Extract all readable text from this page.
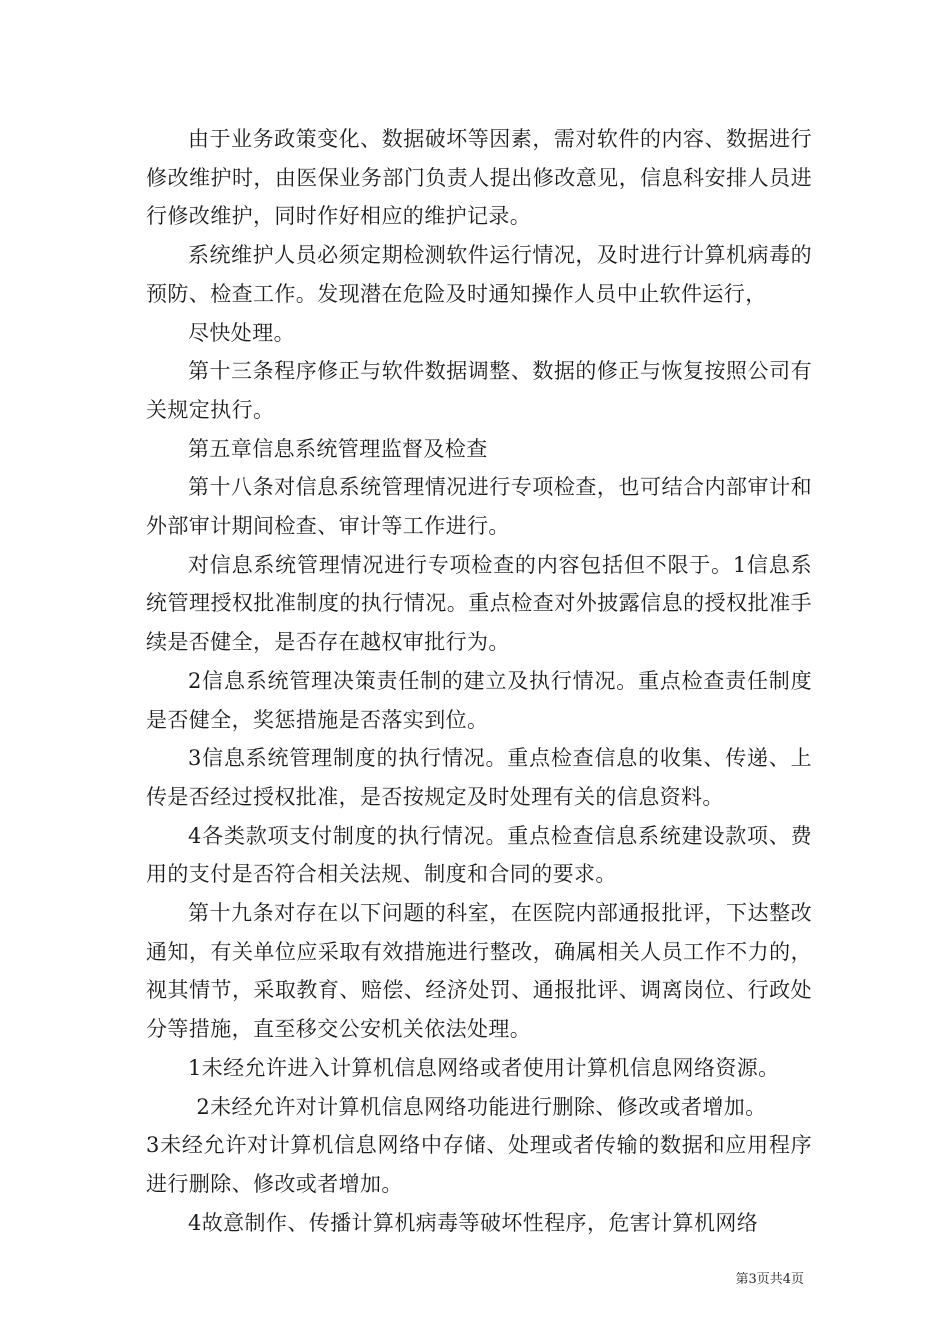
由于业务政策变化、数据破坏等因素，需对软件的内容、数据进行修改维护时，由医保业务部门负责人提出修改意见，信息科安排人员进行修改维护，同时作好相应的维护记录。

系统维护人员必须定期检测软件运行情况，及时进行计算机病毒的预防、检查工作。发现潜在危险及时通知操作人员中止软件运行，

尽快处理。

第十三条程序修正与软件数据调整、数据的修正与恢复按照公司有关规定执行。

第五章信息系统管理监督及检查

第十八条对信息系统管理情况进行专项检查，也可结合内部审计和外部审计期间检查、审计等工作进行。

对信息系统管理情况进行专项检查的内容包括但不限于。1信息系统管理授权批准制度的执行情况。重点检查对外披露信息的授权批准手续是否健全，是否存在越权审批行为。

2信息系统管理决策责任制的建立及执行情况。重点检查责任制度是否健全，奖惩措施是否落实到位。

3信息系统管理制度的执行情况。重点检查信息的收集、传递、上传是否经过授权批准，是否按规定及时处理有关的信息资料。

4各类款项支付制度的执行情况。重点检查信息系统建设款项、费用的支付是否符合相关法规、制度和合同的要求。

第十九条对存在以下问题的科室，在医院内部通报批评，下达整改通知，有关单位应采取有效措施进行整改，确属相关人员工作不力的，视其情节，采取教育、赔偿、经济处罚、通报批评、调离岗位、行政处分等措施，直至移交公安机关依法处理。

1未经允许进入计算机信息网络或者使用计算机信息网络资源。

2未经允许对计算机信息网络功能进行删除、修改或者增加。

3未经允许对计算机信息网络中存储、处理或者传输的数据和应用程序进行删除、修改或者增加。

4故意制作、传播计算机病毒等破坏性程序，危害计算机网络

第3页共4页
